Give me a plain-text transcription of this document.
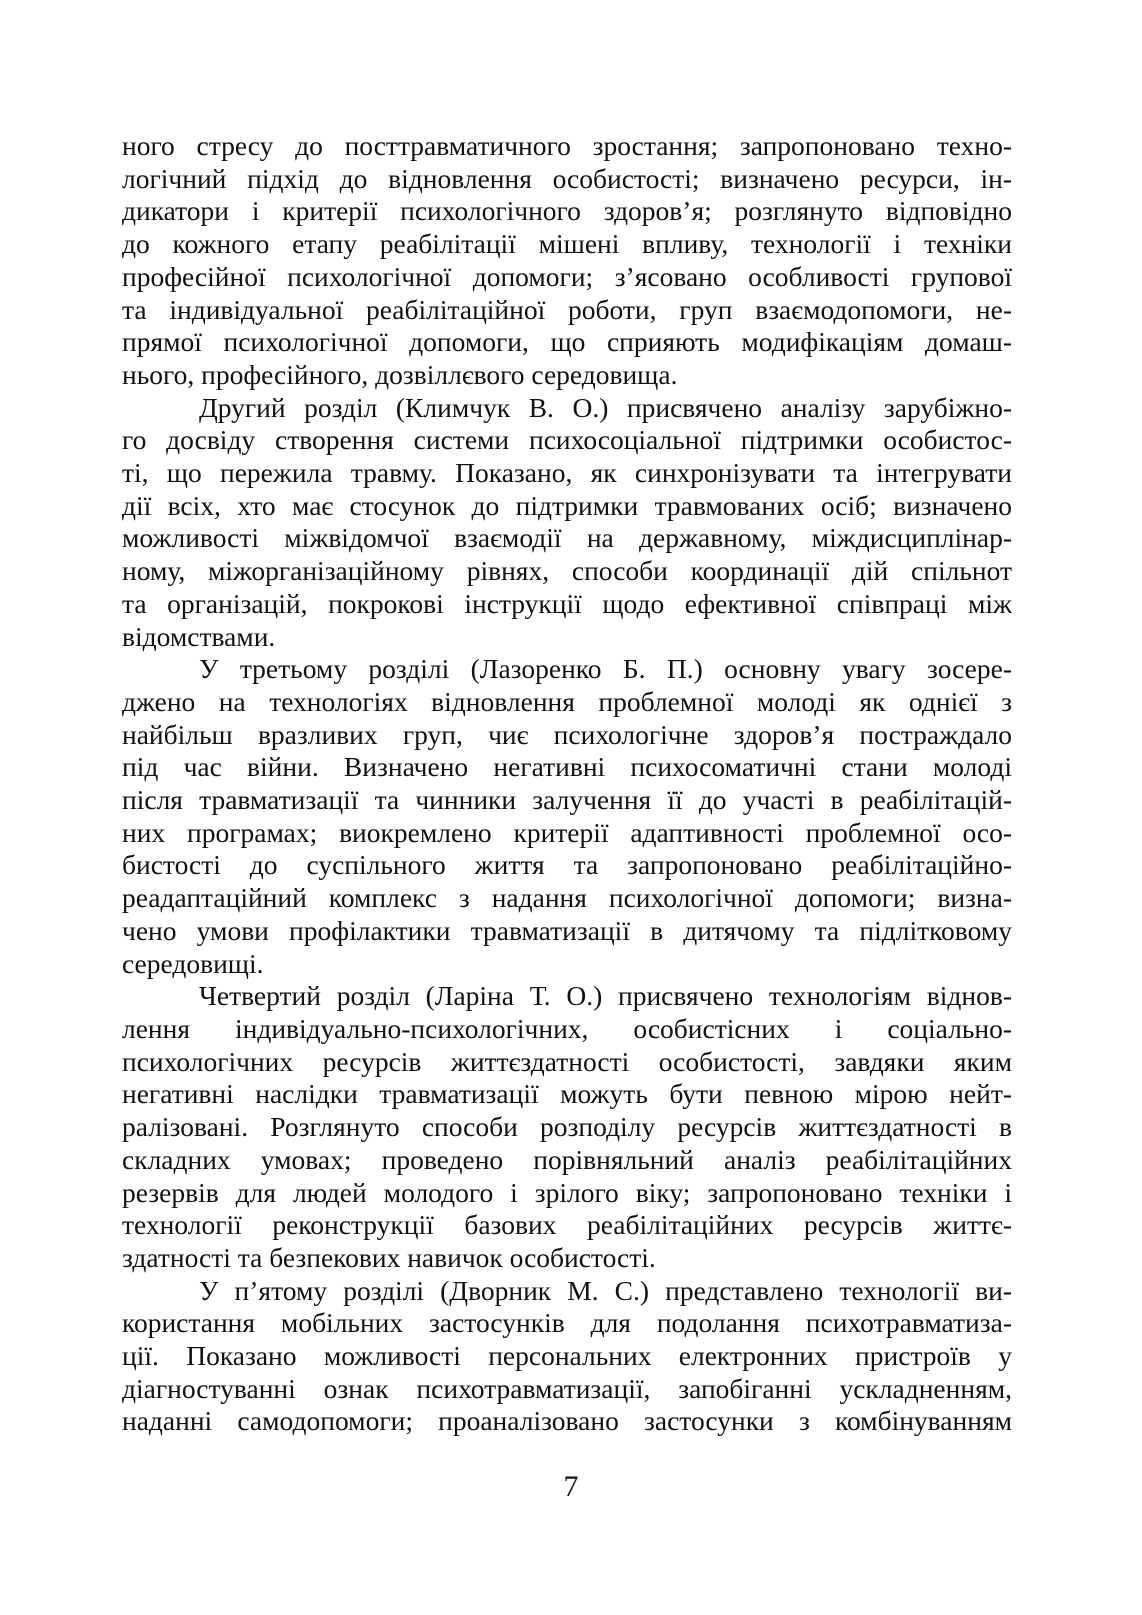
ного стресу до посттравматичного зростання; запропоновано техно-
логічний підхід до відновлення особистості; визначено ресурси, ін-
дикатори і критерії психологічного здоров’я; розглянуто відповідно
до кожного етапу реабілітації мішені впливу, технології і техніки
професійної психологічної допомоги; з’ясовано особливості групової
та індивідуальної реабілітаційної роботи, груп взаємодопомоги, не-
прямої психологічної допомоги, що сприяють модифікаціям домаш-
нього, професійного, дозвіллєвого середовища.
Другий розділ (Климчук В. О.) присвячено аналізу зарубіжно-
го досвіду створення системи психосоціальної підтримки особистос-
ті, що пережила травму. Показано, як синхронізувати та інтегрувати
дії всіх, хто має стосунок до підтримки травмованих осіб; визначено
можливості міжвідомчої взаємодії на державному, міждисциплінар-
ному, міжорганізаційному рівнях, способи координації дій спільнот
та організацій, покрокові інструкції щодо ефективної співпраці між
відомствами.
У третьому розділі (Лазоренко Б. П.) основну увагу зосере-
джено на технологіях відновлення проблемної молоді як однієї з
найбільш вразливих груп, чиє психологічне здоров’я постраждало
під час війни. Визначено негативні психосоматичні стани молоді
після травматизації та чинники залучення її до участі в реабілітацій-
них програмах; виокремлено критерії адаптивності проблемної осо-
бистості до суспільного життя та запропоновано реабілітаційно-
реадаптаційний комплекс з надання психологічної допомоги; визна-
чено умови профілактики травматизації в дитячому та підлітковому
середовищі.
Четвертий розділ (Ларіна Т. О.) присвячено технологіям віднов-
лення індивідуально-психологічних, особистісних і соціально-
психологічних ресурсів життєздатності особистості, завдяки яким
негативні наслідки травматизації можуть бути певною мірою нейт-
ралізовані. Розглянуто способи розподілу ресурсів життєздатності в
складних умовах; проведено порівняльний аналіз реабілітаційних
резервів для людей молодого і зрілого віку; запропоновано техніки і
технології реконструкції базових реабілітаційних ресурсів життє-
здатності та безпекових навичок особистості.
У п’ятому розділі (Дворник М. С.) представлено технології ви-
користання мобільних застосунків для подолання психотравматиза-
ції. Показано можливості персональних електронних пристроїв у
діагностуванні ознак психотравматизації, запобіганні ускладненням,
наданні самодопомоги; проаналізовано застосунки з комбінуванням
7
